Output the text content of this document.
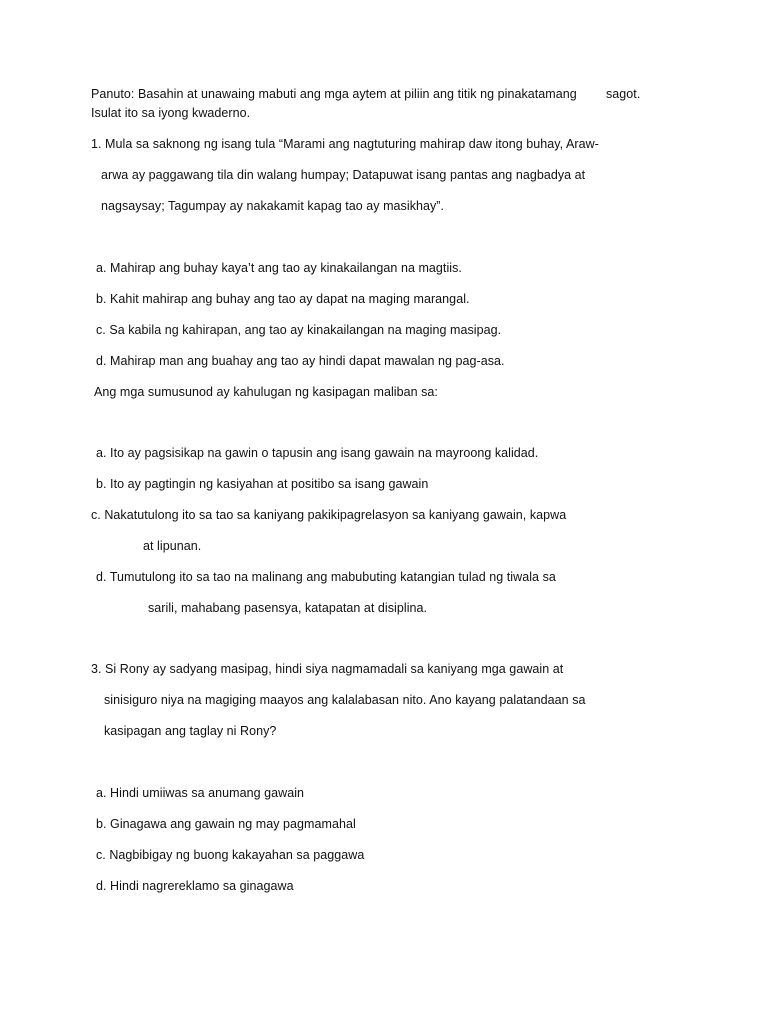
Panuto: Basahin at unawaing mabuti ang mga aytem at piliin ang titik ng pinakatamang sagot.
Isulat ito sa iyong kwaderno.
1. Mula sa saknong ng isang tula “Marami ang nagtuturing mahirap daw itong buhay, Araw-
arwa ay paggawang tila din walang humpay; Datapuwat isang pantas ang nagbadya at
nagsaysay; Tagumpay ay nakakamit kapag tao ay masikhay”.
a. Mahirap ang buhay kaya’t ang tao ay kinakailangan na magtiis.
b. Kahit mahirap ang buhay ang tao ay dapat na maging marangal.
c. Sa kabila ng kahirapan, ang tao ay kinakailangan na maging masipag.
d. Mahirap man ang buahay ang tao ay hindi dapat mawalan ng pag-asa.
Ang mga sumusunod ay kahulugan ng kasipagan maliban sa:
a. Ito ay pagsisikap na gawin o tapusin ang isang gawain na mayroong kalidad.
b. Ito ay pagtingin ng kasiyahan at positibo sa isang gawain
c. Nakatutulong ito sa tao sa kaniyang pakikipagrelasyon sa kaniyang gawain, kapwa
at lipunan.
d. Tumutulong ito sa tao na malinang ang mabubuting katangian tulad ng tiwala sa
sarili, mahabang pasensya, katapatan at disiplina.
3. Si Rony ay sadyang masipag, hindi siya nagmamadali sa kaniyang mga gawain at
sinisiguro niya na magiging maayos ang kalalabasan nito. Ano kayang palatandaan sa
kasipagan ang taglay ni Rony?
a. Hindi umiiwas sa anumang gawain
b. Ginagawa ang gawain ng may pagmamahal
c. Nagbibigay ng buong kakayahan sa paggawa
d. Hindi nagrereklamo sa ginagawa
